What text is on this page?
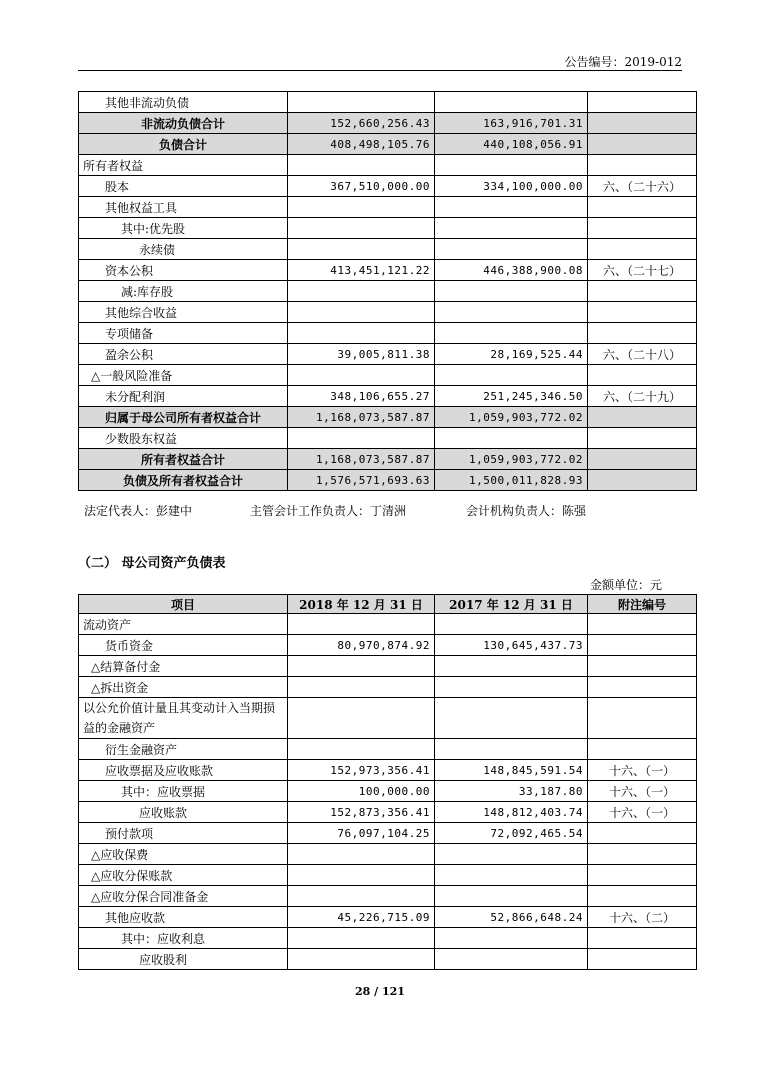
公告编号：2019-012
其他非流动负债			
非流动负债合计	152,660,256.43	163,916,701.31	
负债合计	408,498,105.76	440,108,056.91	
所有者权益			
股本	367,510,000.00	334,100,000.00	六、（二十六）
其他权益工具			
其中:优先股			
永续债			
资本公积	413,451,121.22	446,388,900.08	六、（二十七）
减:库存股			
其他综合收益			
专项储备			
盈余公积	39,005,811.38	28,169,525.44	六、（二十八）
△一般风险准备			
未分配利润	348,106,655.27	251,245,346.50	六、（二十九）
归属于母公司所有者权益合计	1,168,073,587.87	1,059,903,772.02	
少数股东权益			
所有者权益合计	1,168,073,587.87	1,059,903,772.02	
负债及所有者权益合计	1,576,571,693.63	1,500,011,828.93	
法定代表人：彭建中	主管会计工作负责人：丁清洲	会计机构负责人：陈强
（二） 母公司资产负债表
金额单位：元
项目	2018 年 12 月 31 日	2017 年 12 月 31 日	附注编号
流动资产			
货币资金	80,970,874.92	130,645,437.73	
△结算备付金			
△拆出资金			
以公允价值计量且其变动计入当期损益的金融资产			
衍生金融资产			
应收票据及应收账款	152,973,356.41	148,845,591.54	十六、（一）
其中：应收票据	100,000.00	33,187.80	十六、（一）
应收账款	152,873,356.41	148,812,403.74	十六、（一）
预付款项	76,097,104.25	72,092,465.54	
△应收保费			
△应收分保账款			
△应收分保合同准备金			
其他应收款	45,226,715.09	52,866,648.24	十六、（二）
其中：应收利息			
应收股利			
28 / 121
